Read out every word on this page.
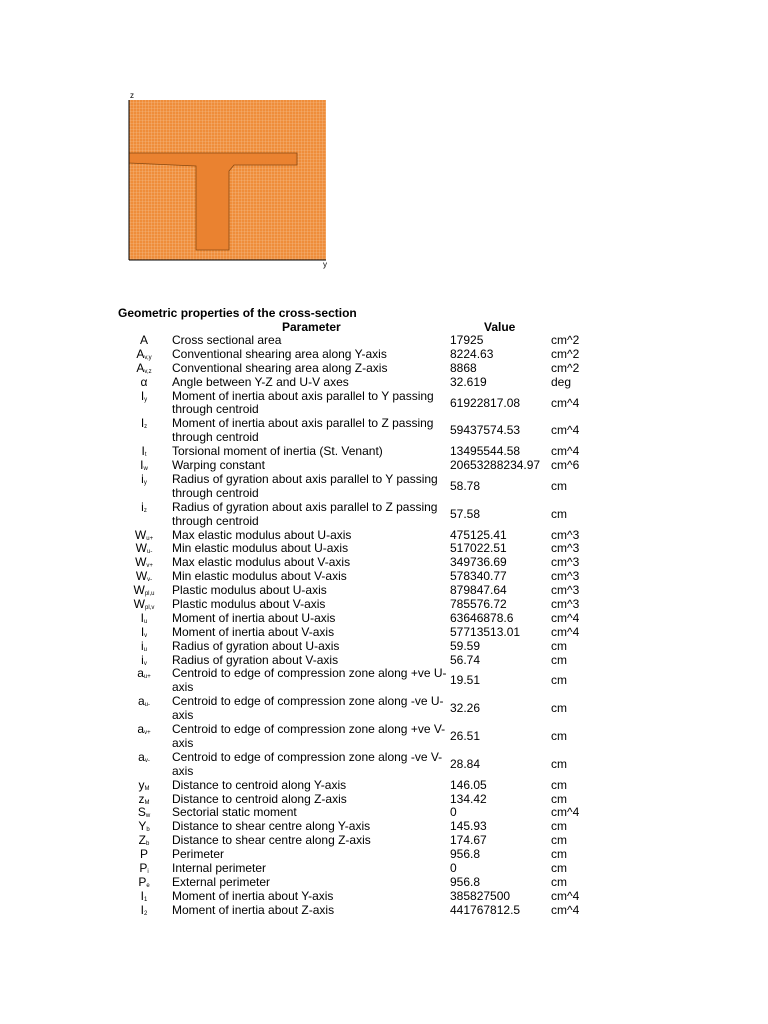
z
y
Geometric properties of the cross-section
Parameter	Value
A	Cross sectional area	17925	cm^2
$A_{v,y}$	Conventional shearing area along Y-axis	8224.63	cm^2
$A_{v,z}$	Conventional shearing area along Z-axis	8868	cm^2
α	Angle between Y-Z and U-V axes	32.619	deg
$I_y$	Moment of inertia about axis parallel to Y passing through centroid	61922817.08	cm^4
$I_z$	Moment of inertia about axis parallel to Z passing through centroid	59437574.53	cm^4
$I_t$	Torsional moment of inertia (St. Venant)	13495544.58	cm^4
$I_w$	Warping constant	20653288234.97 cm^6
$i_y$	Radius of gyration about axis parallel to Y passing through centroid	58.78	cm
$i_z$	Radius of gyration about axis parallel to Z passing through centroid	57.58	cm
$W_{u+}$	Max elastic modulus about U-axis	475125.41	cm^3
$W_{u-}$	Min elastic modulus about U-axis	517022.51	cm^3
$W_{v+}$	Max elastic modulus about V-axis	349736.69	cm^3
$W_{v-}$	Min elastic modulus about V-axis	578340.77	cm^3
$W_{pl,u}$	Plastic modulus about U-axis	879847.64	cm^3
$W_{pl,v}$	Plastic modulus about V-axis	785576.72	cm^3
$I_u$	Moment of inertia about U-axis	63646878.6	cm^4
$I_v$	Moment of inertia about V-axis	57713513.01	cm^4
$i_u$	Radius of gyration about U-axis	59.59	cm
$i_v$	Radius of gyration about V-axis	56.74	cm
$a_{u+}$	Centroid to edge of compression zone along +ve U-axis	19.51	cm
$a_{u-}$	Centroid to edge of compression zone along -ve U-axis	32.26	cm
$a_{v+}$	Centroid to edge of compression zone along +ve V-axis	26.51	cm
$a_{v-}$	Centroid to edge of compression zone along -ve V-axis	28.84	cm
$y_M$	Distance to centroid along Y-axis	146.05	cm
$z_M$	Distance to centroid along Z-axis	134.42	cm
$S_w$	Sectorial static moment	0	cm^4
$Y_b$	Distance to shear centre along Y-axis	145.93	cm
$Z_b$	Distance to shear centre along Z-axis	174.67	cm
P	Perimeter	956.8	cm
$P_i$	Internal perimeter	0	cm
$P_e$	External perimeter	956.8	cm
$I_1$	Moment of inertia about Y-axis	385827500	cm^4
$I_2$	Moment of inertia about Z-axis	441767812.5	cm^4
